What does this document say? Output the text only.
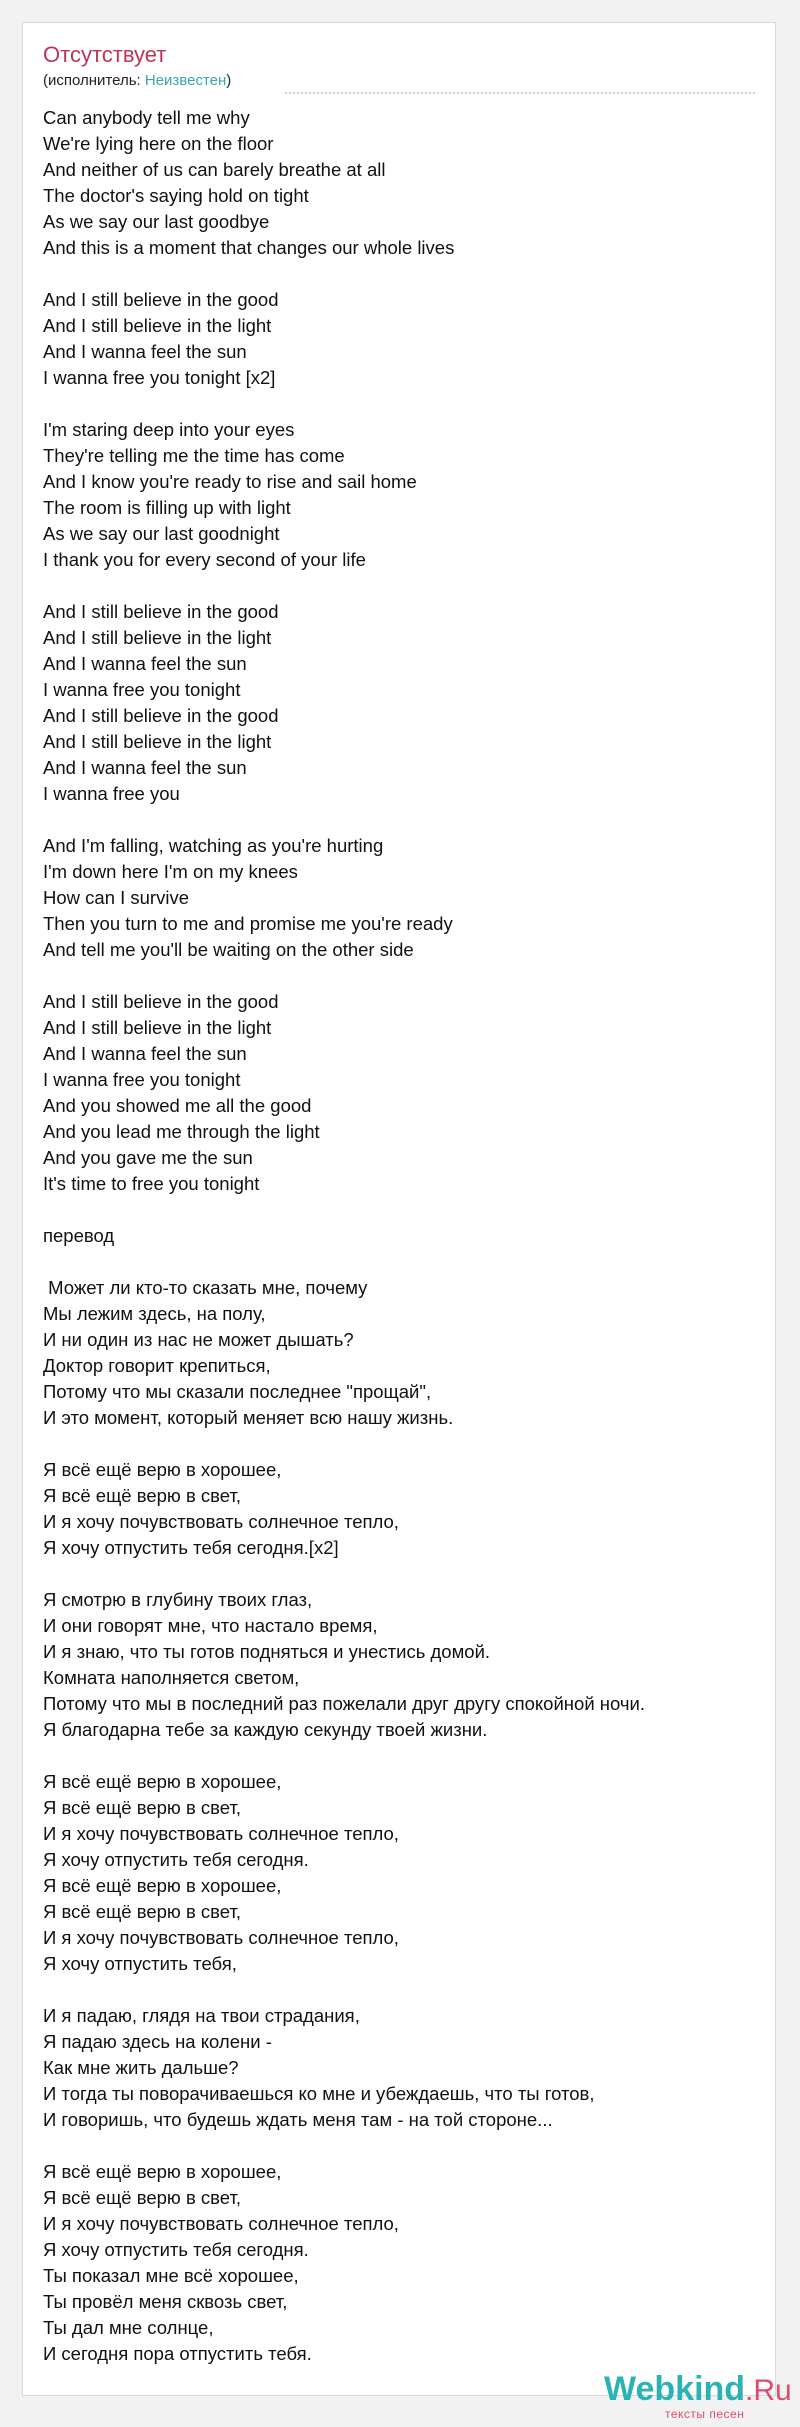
Отсутствует
(исполнитель: Неизвестен)
Can anybody tell me why
We're lying here on the floor
And neither of us can barely breathe at all
The doctor's saying hold on tight
As we say our last goodbye
And this is a moment that changes our whole lives
And I still believe in the good
And I still believe in the light
And I wanna feel the sun
I wanna free you tonight [x2]
I'm staring deep into your eyes
They're telling me the time has come
And I know you're ready to rise and sail home
The room is filling up with light
As we say our last goodnight
I thank you for every second of your life
And I still believe in the good
And I still believe in the light
And I wanna feel the sun
I wanna free you tonight
And I still believe in the good
And I still believe in the light
And I wanna feel the sun
I wanna free you
And I'm falling, watching as you're hurting
I'm down here I'm on my knees
How can I survive
Then you turn to me and promise me you're ready
And tell me you'll be waiting on the other side
And I still believe in the good
And I still believe in the light
And I wanna feel the sun
I wanna free you tonight
And you showed me all the good
And you lead me through the light
And you gave me the sun
It's time to free you tonight
перевод
Может ли кто-то сказать мне, почему
Мы лежим здесь, на полу,
И ни один из нас не может дышать?
Доктор говорит крепиться,
Потому что мы сказали последнее "прощай",
И это момент, который меняет всю нашу жизнь.
Я всё ещё верю в хорошее,
Я всё ещё верю в свет,
И я хочу почувствовать солнечное тепло,
Я хочу отпустить тебя сегодня.[x2]
Я смотрю в глубину твоих глаз,
И они говорят мне, что настало время,
И я знаю, что ты готов подняться и унестись домой.
Комната наполняется светом,
Потому что мы в последний раз пожелали друг другу спокойной ночи.
Я благодарна тебе за каждую секунду твоей жизни.
Я всё ещё верю в хорошее,
Я всё ещё верю в свет,
И я хочу почувствовать солнечное тепло,
Я хочу отпустить тебя сегодня.
Я всё ещё верю в хорошее,
Я всё ещё верю в свет,
И я хочу почувствовать солнечное тепло,
Я хочу отпустить тебя,
И я падаю, глядя на твои страдания,
Я падаю здесь на колени -
Как мне жить дальше?
И тогда ты поворачиваешься ко мне и убеждаешь, что ты готов,
И говоришь, что будешь ждать меня там - на той стороне...
Я всё ещё верю в хорошее,
Я всё ещё верю в свет,
И я хочу почувствовать солнечное тепло,
Я хочу отпустить тебя сегодня.
Ты показал мне всё хорошее,
Ты провёл меня сквозь свет,
Ты дал мне солнце,
И сегодня пора отпустить тебя.
Webkind.Ru
тексты песен
